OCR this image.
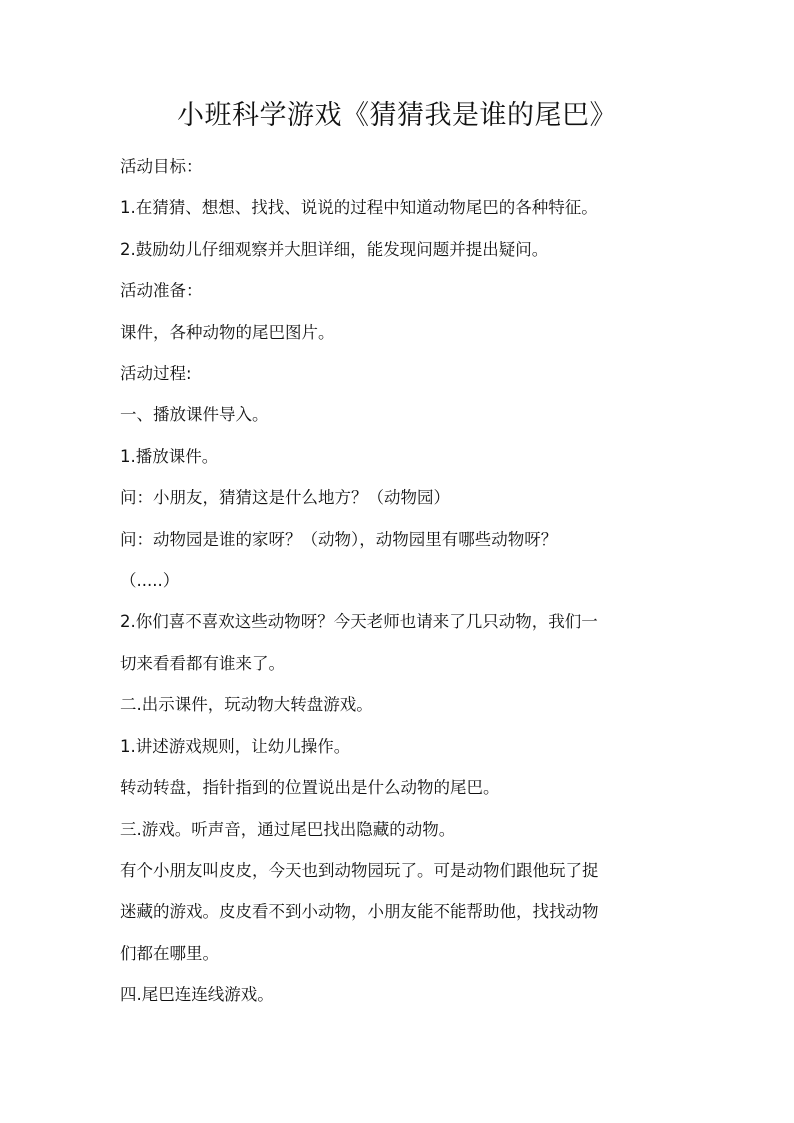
小班科学游戏《猜猜我是谁的尾巴》

活动目标：

1.在猜猜、想想、找找、说说的过程中知道动物尾巴的各种特征。

2.鼓励幼儿仔细观察并大胆详细，能发现问题并提出疑问。

活动准备：

课件，各种动物的尾巴图片。

活动过程:

一、播放课件导入。

1.播放课件。

问：小朋友，猜猜这是什么地方？（动物园）

问：动物园是谁的家呀？（动物），动物园里有哪些动物呀？

（.....）

2.你们喜不喜欢这些动物呀？今天老师也请来了几只动物，我们一

切来看看都有谁来了。

二.出示课件，玩动物大转盘游戏。

1.讲述游戏规则，让幼儿操作。

转动转盘，指针指到的位置说出是什么动物的尾巴。

三.游戏。听声音，通过尾巴找出隐藏的动物。

有个小朋友叫皮皮，今天也到动物园玩了。可是动物们跟他玩了捉

迷藏的游戏。皮皮看不到小动物，小朋友能不能帮助他，找找动物

们都在哪里。

四.尾巴连连线游戏。
